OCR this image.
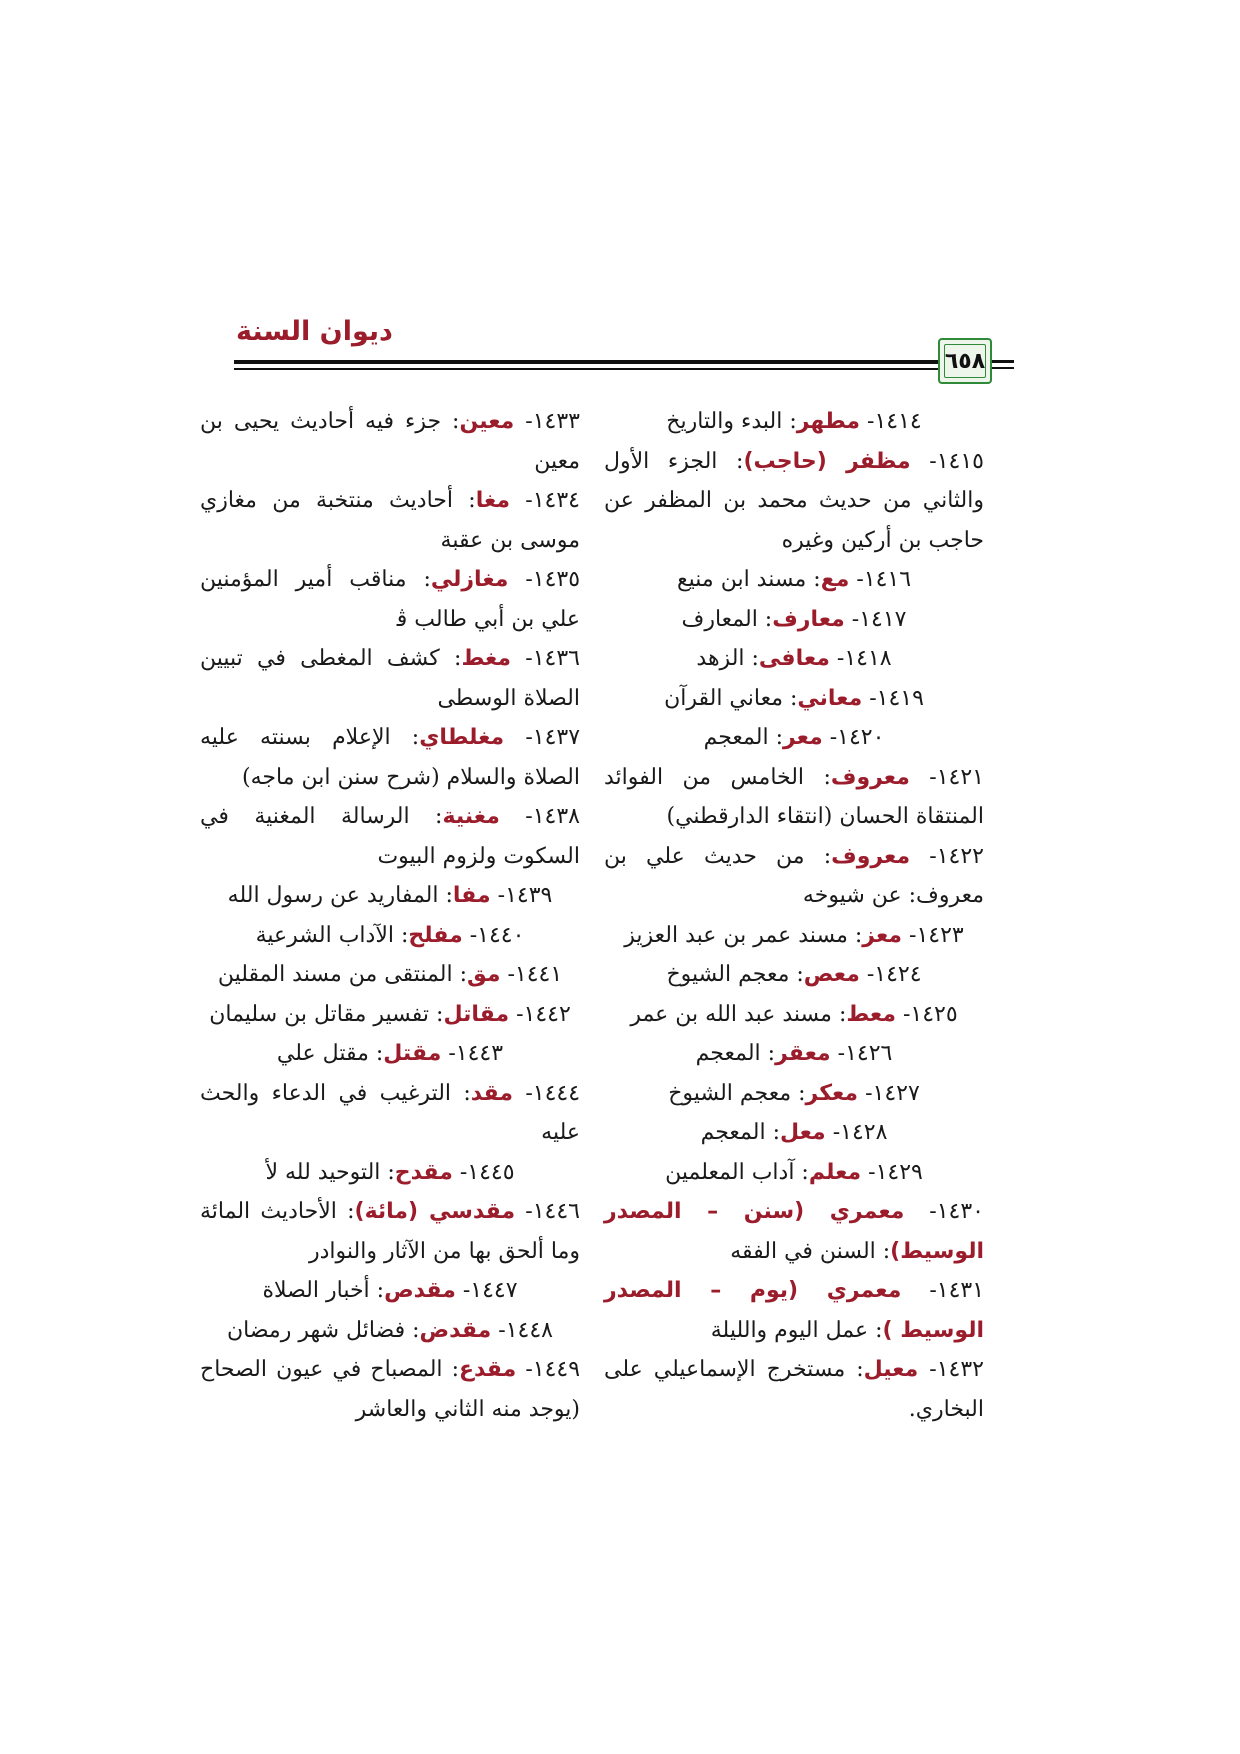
ديوان السنة
٦٥٨

١٤١٤- مطهر: البدء والتاريخ

١٤١٥- مظفر (حاجب): الجزء الأول والثاني من حديث محمد بن المظفر عن حاجب بن أركين وغيره

١٤١٦- مع: مسند ابن منيع

١٤١٧- معارف: المعارف

١٤١٨- معافى: الزهد

١٤١٩- معاني: معاني القرآن

١٤٢٠- معر: المعجم

١٤٢١- معروف: الخامس من الفوائد المنتقاة الحسان (انتقاء الدارقطني)

١٤٢٢- معروف: من حديث علي بن معروف: عن شيوخه

١٤٢٣- معز: مسند عمر بن عبد العزيز

١٤٢٤- معص: معجم الشيوخ

١٤٢٥- معط: مسند عبد الله بن عمر

١٤٢٦- معقر: المعجم

١٤٢٧- معكر: معجم الشيوخ

١٤٢٨- معل: المعجم

١٤٢٩- معلم: آداب المعلمين

١٤٣٠- معمري (سنن – المصدر الوسيط): السنن في الفقه

١٤٣١- معمري (يوم – المصدر الوسيط ): عمل اليوم والليلة

١٤٣٢- معيل: مستخرج الإسماعيلي على البخاري.

١٤٣٣- معين: جزء فيه أحاديث يحيى بن معين

١٤٣٤- مغا: أحاديث منتخبة من مغازي موسى بن عقبة

١٤٣٥- مغازلي: مناقب أمير المؤمنين علي بن أبي طالب ﭬ

١٤٣٦- مغط: كشف المغطى في تبيين الصلاة الوسطى

١٤٣٧- مغلطاي: الإعلام بسنته عليه الصلاة والسلام (شرح سنن ابن ماجه)

١٤٣٨- مغنية: الرسالة المغنية في السكوت ولزوم البيوت

١٤٣٩- مفا: المفاريد عن رسول الله

١٤٤٠- مفلح: الآداب الشرعية

١٤٤١- مق: المنتقى من مسند المقلين

١٤٤٢- مقاتل: تفسير مقاتل بن سليمان

١٤٤٣- مقتل: مقتل علي

١٤٤٤- مقد: الترغيب في الدعاء والحث عليه

١٤٤٥- مقدح: التوحيد لله ﻷ

١٤٤٦- مقدسي (مائة): الأحاديث المائة وما ألحق بها من الآثار والنوادر

١٤٤٧- مقدص: أخبار الصلاة

١٤٤٨- مقدض: فضائل شهر رمضان

١٤٤٩- مقدع: المصباح في عيون الصحاح (يوجد منه الثاني والعاشر
